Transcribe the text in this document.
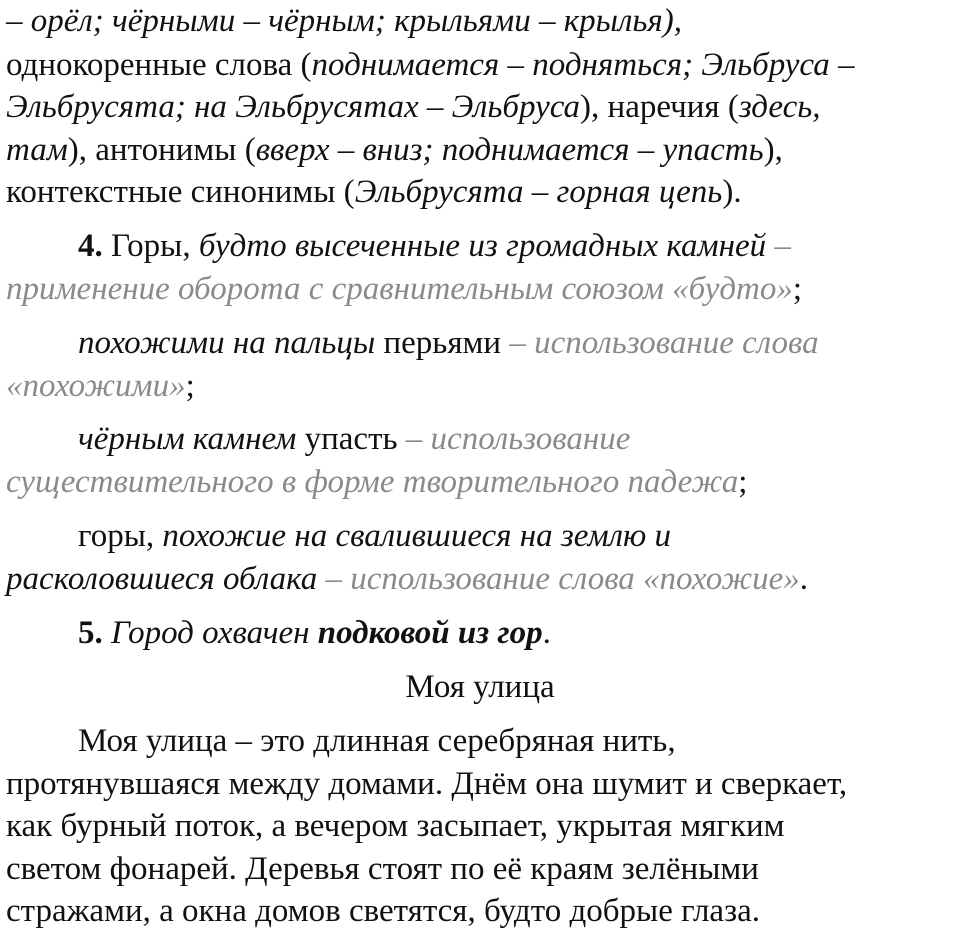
– орёл; чёрными – чёрным; крыльями – крылья),
однокоренные слова (поднимается – подняться; Эльбруса –
Эльбрусята; на Эльбрусятах – Эльбруса), наречия (здесь,
там), антонимы (вверх – вниз; поднимается – упасть),
контекстные синонимы (Эльбрусята – горная цепь).
4. Горы, будто высеченные из громадных камней –
применение оборота с сравнительным союзом «будто»;
похожими на пальцы перьями – использование слова
«похожими»;
чёрным камнем упасть – использование
существительного в форме творительного падежа;
горы, похожие на свалившиеся на землю и
расколовшиеся облака – использование слова «похожие».
5. Город охвачен подковой из гор.
Моя улица
Моя улица – это длинная серебряная нить,
протянувшаяся между домами. Днём она шумит и сверкает,
как бурный поток, а вечером засыпает, укрытая мягким
светом фонарей. Деревья стоят по её краям зелёными
стражами, а окна домов светятся, будто добрые глаза.
